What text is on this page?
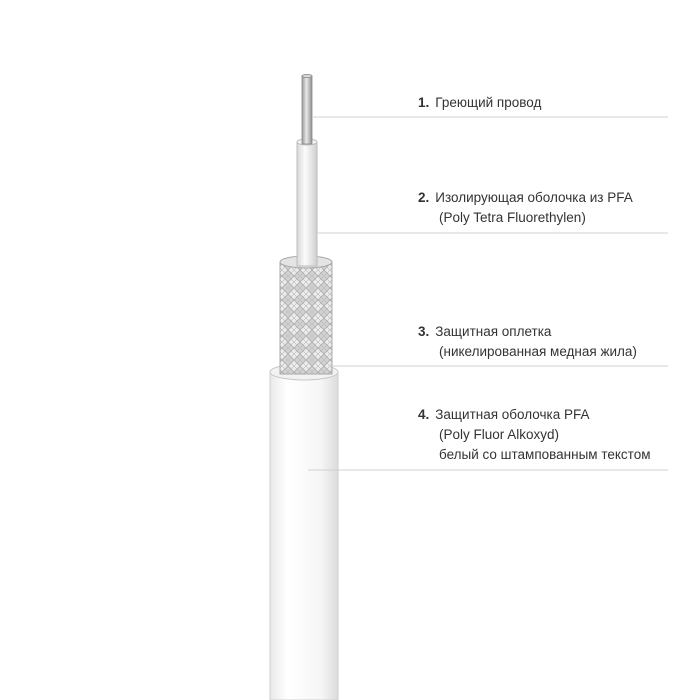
1. Греющий провод
2. Изолирующая оболочка из PFA
(Poly Tetra Fluorethylen)
3. Защитная оплетка
(никелированная медная жила)
4. Защитная оболочка PFA
(Poly Fluor Alkoxyd)
белый со штампованным текстом
